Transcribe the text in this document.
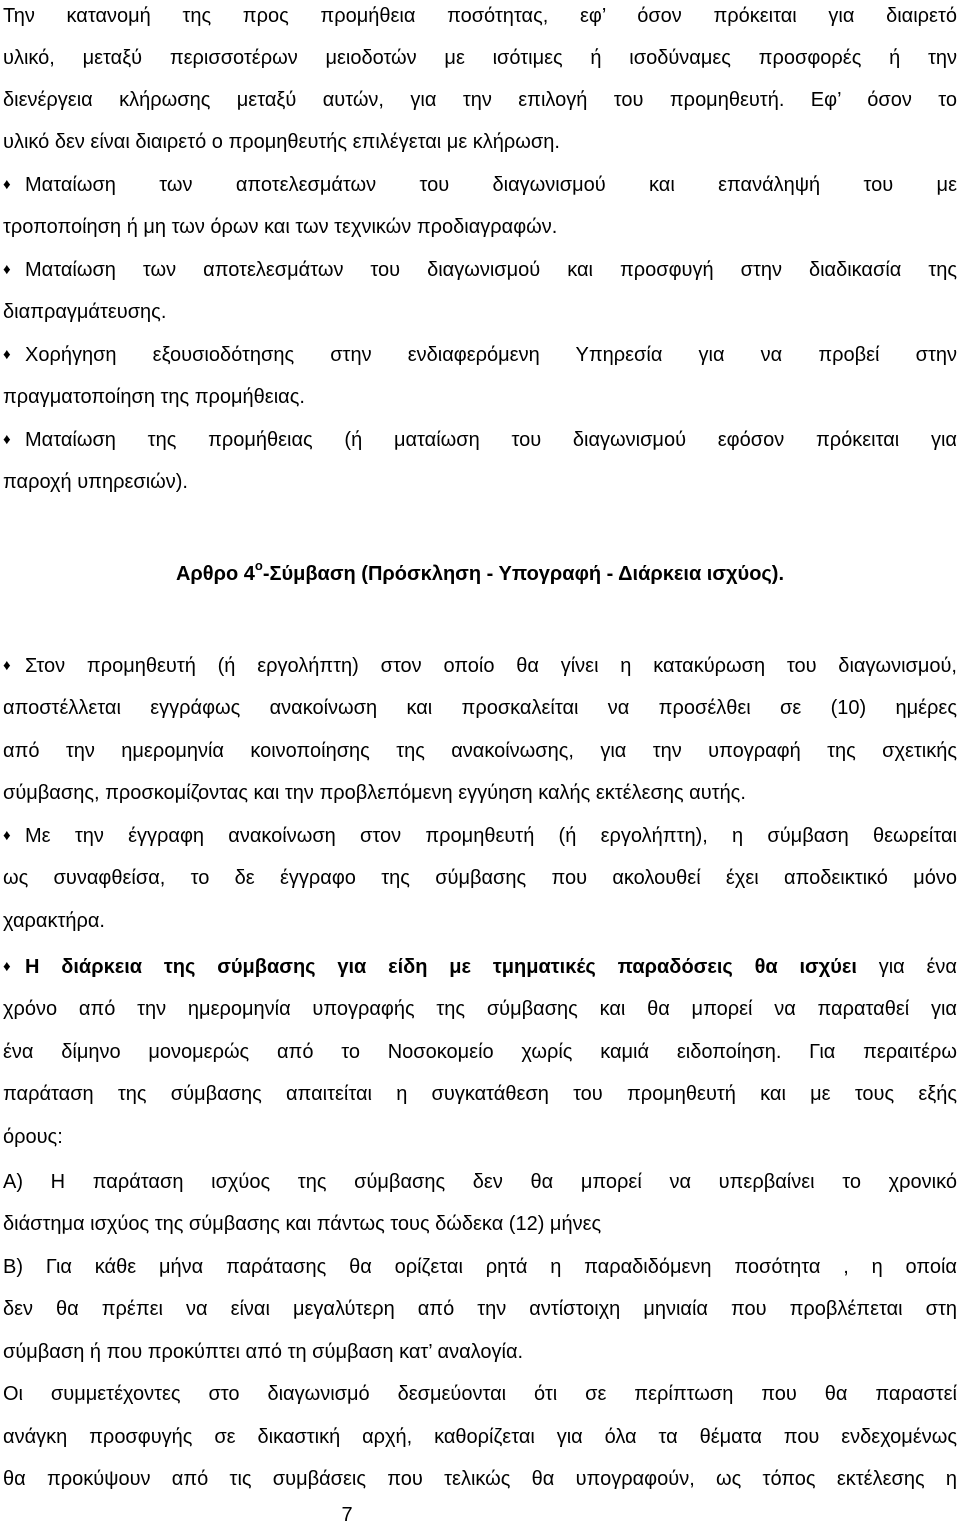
Την κατανομή της προς προμήθεια ποσότητας, εφ’ όσον πρόκειται για διαιρετό
υλικό, μεταξύ περισσοτέρων μειοδοτών με ισότιμες ή ισοδύναμες προσφορές ή την
διενέργεια κλήρωσης μεταξύ αυτών, για την επιλογή του προμηθευτή. Εφ’ όσον το
υλικό δεν είναι διαιρετό ο προμηθευτής επιλέγεται με κλήρωση.
♦ Ματαίωση των αποτελεσμάτων του διαγωνισμού και επανάληψή του με
τροποποίηση ή μη των όρων και των τεχνικών προδιαγραφών.
♦ Ματαίωση των αποτελεσμάτων του διαγωνισμού και προσφυγή στην διαδικασία της
διαπραγμάτευσης.
♦ Χορήγηση εξουσιοδότησης στην ενδιαφερόμενη Υπηρεσία για να προβεί στην
πραγματοποίηση της προμήθειας.
♦ Ματαίωση της προμήθειας (ή ματαίωση του διαγωνισμού εφόσον πρόκειται για
παροχή υπηρεσιών).
Αρθρο $4^o$-Σύμβαση (Πρόσκληση - Υπογραφή - Διάρκεια ισχύος).
♦ Στον προμηθευτή (ή εργολήπτη) στον οποίο θα γίνει η κατακύρωση του διαγωνισμού,
αποστέλλεται εγγράφως ανακοίνωση και προσκαλείται να προσέλθει σε (10) ημέρες
από την ημερομηνία κοινοποίησης της ανακοίνωσης, για την υπογραφή της σχετικής
σύμβασης, προσκομίζοντας και την προβλεπόμενη εγγύηση καλής εκτέλεσης αυτής.
♦ Με την έγγραφη ανακοίνωση στον προμηθευτή (ή εργολήπτη), η σύμβαση θεωρείται
ως συναφθείσα, το δε έγγραφο της σύμβασης που ακολουθεί έχει αποδεικτικό μόνο
χαρακτήρα.
♦ Η διάρκεια της σύμβασης για είδη με τμηματικές παραδόσεις θα ισχύει για ένα
χρόνο από την ημερομηνία υπογραφής της σύμβασης και θα μπορεί να παραταθεί για
ένα δίμηνο μονομερώς από το Νοσοκομείο χωρίς καμιά ειδοποίηση. Για περαιτέρω
παράταση της σύμβασης απαιτείται η συγκατάθεση του προμηθευτή και με τους εξής
όρους:
Α) Η παράταση ισχύος της σύμβασης δεν θα μπορεί να υπερβαίνει το χρονικό
διάστημα ισχύος της σύμβασης και πάντως τους δώδεκα (12) μήνες
Β) Για κάθε μήνα παράτασης θα ορίζεται ρητά η παραδιδόμενη ποσότητα , η οποία
δεν θα πρέπει να είναι μεγαλύτερη από την αντίστοιχη μηνιαία που προβλέπεται στη
σύμβαση ή που προκύπτει από τη σύμβαση κατ’ αναλογία.
Οι συμμετέχοντες στο διαγωνισμό δεσμεύονται ότι σε περίπτωση που θα παραστεί
ανάγκη προσφυγής σε δικαστική αρχή, καθορίζεται για όλα τα θέματα που ενδεχομένως
θα προκύψουν από τις συμβάσεις που τελικώς θα υπογραφούν, ως τόπος εκτέλεσης η
7
